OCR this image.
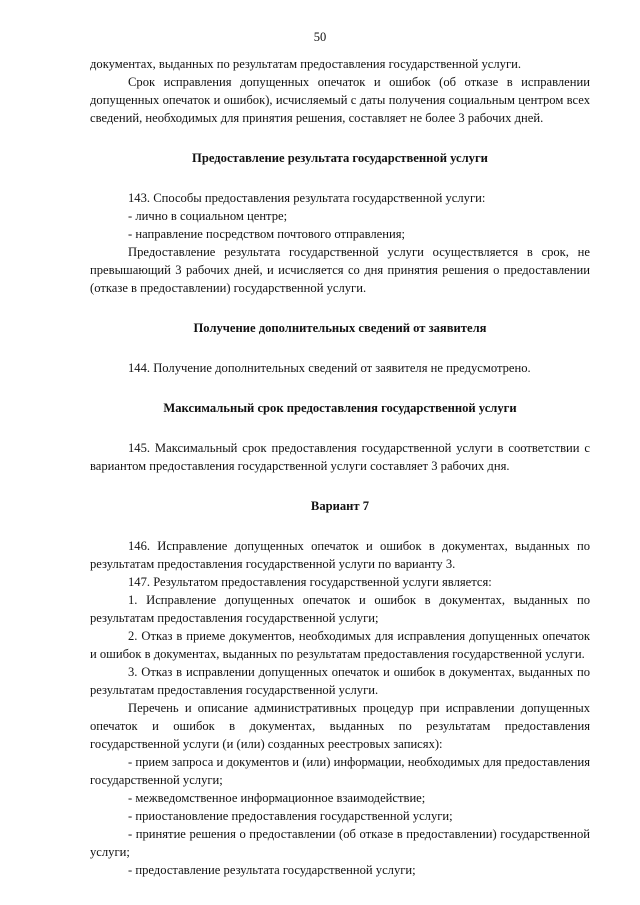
50

документах, выданных по результатам предоставления государственной услуги.

Срок исправления допущенных опечаток и ошибок (об отказе в исправлении допущенных опечаток и ошибок), исчисляемый с даты получения социальным центром всех сведений, необходимых для принятия решения, составляет не более 3 рабочих дней.

Предоставление результата государственной услуги

143. Способы предоставления результата государственной услуги:

- лично в социальном центре;

- направление посредством почтового отправления;

Предоставление результата государственной услуги осуществляется в срок, не превышающий 3 рабочих дней, и исчисляется со дня принятия решения о предоставлении (отказе в предоставлении) государственной услуги.

Получение дополнительных сведений от заявителя

144. Получение дополнительных сведений от заявителя не предусмотрено.

Максимальный срок предоставления государственной услуги

145. Максимальный срок предоставления государственной услуги в соответствии с вариантом предоставления государственной услуги составляет 3 рабочих дня.

Вариант 7

146. Исправление допущенных опечаток и ошибок в документах, выданных по результатам предоставления государственной услуги по варианту 3.

147. Результатом предоставления государственной услуги является:

1. Исправление допущенных опечаток и ошибок в документах, выданных по результатам предоставления государственной услуги;

2. Отказ в приеме документов, необходимых для исправления допущенных опечаток и ошибок в документах, выданных по результатам предоставления государственной услуги.

3. Отказ в исправлении допущенных опечаток и ошибок в документах, выданных по результатам предоставления государственной услуги.

Перечень и описание административных процедур при исправлении допущенных опечаток и ошибок в документах, выданных по результатам предоставления государственной услуги (и (или) созданных реестровых записях):

- прием запроса и документов и (или) информации, необходимых для предоставления государственной услуги;

- межведомственное информационное взаимодействие;

- приостановление предоставления государственной услуги;

- принятие решения о предоставлении (об отказе в предоставлении) государственной услуги;

- предоставление результата государственной услуги;
